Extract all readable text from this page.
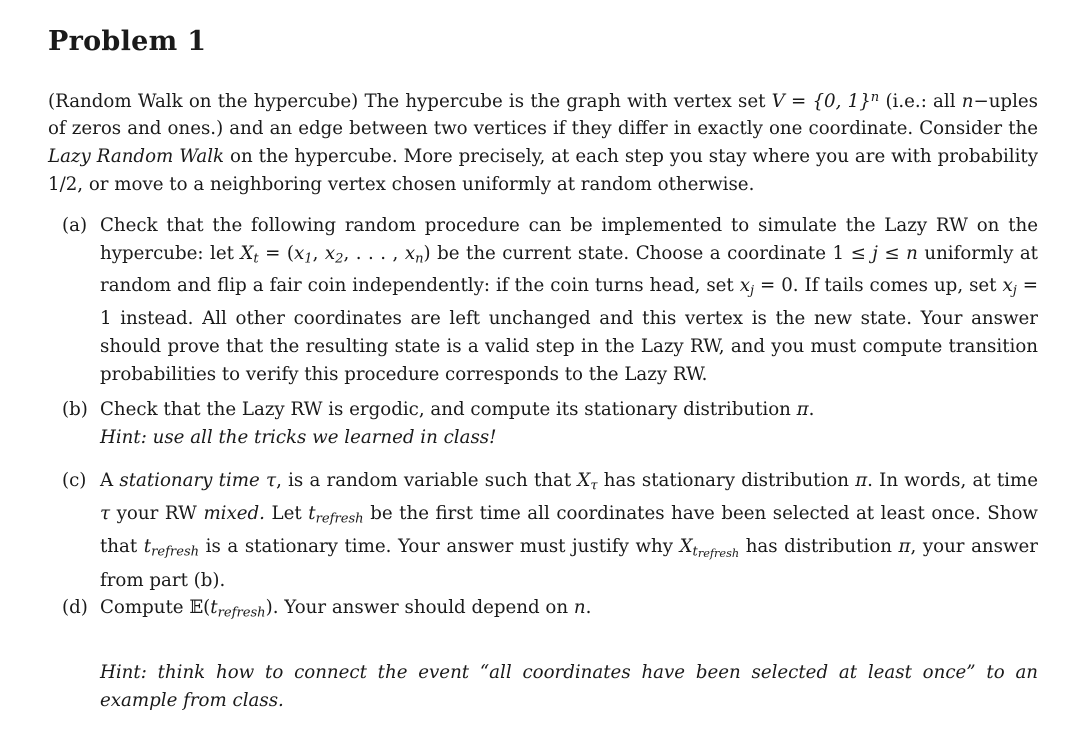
Problem 1
(Random Walk on the hypercube) The hypercube is the graph with vertex set V = {0, 1}$^n$ (i.e.: all n−uples of zeros and ones.) and an edge between two vertices if they differ in exactly one coordinate. Consider the Lazy Random Walk on the hypercube. More precisely, at each step you stay where you are with probability 1/2, or move to a neighboring vertex chosen uniformly at random otherwise.
(a) Check that the following random procedure can be implemented to simulate the Lazy RW on the hypercube: let $X_t = (x_1$, $x_2$, . . . , $x_n$) be the current state. Choose a coordinate 1 ≤ j ≤ n uniformly at random and flip a fair coin independently: if the coin turns head, set $x_j = 0$. If tails comes up, set $x_j = 1$ instead. All other coordinates are left unchanged and this vertex is the new state. Your answer should prove that the resulting state is a valid step in the Lazy RW, and you must compute transition probabilities to verify this procedure corresponds to the Lazy RW.
(b) Check that the Lazy RW is ergodic, and compute its stationary distribution π.
Hint: use all the tricks we learned in class!
(c) A stationary time τ, is a random variable such that $X_\tau$ has stationary distribution π. In words, at time τ your RW mixed. Let $t_{refresh}$ be the first time all coordinates have been selected at least once. Show that $t_{refresh}$ is a stationary time. Your answer must justify why $X_{trefresh}$ has distribution π, your answer from part (b).
(d) Compute $𝔼(t_{refresh})$. Your answer should depend on n.
Hint: think how to connect the event “all coordinates have been selected at least once” to an example from class.
